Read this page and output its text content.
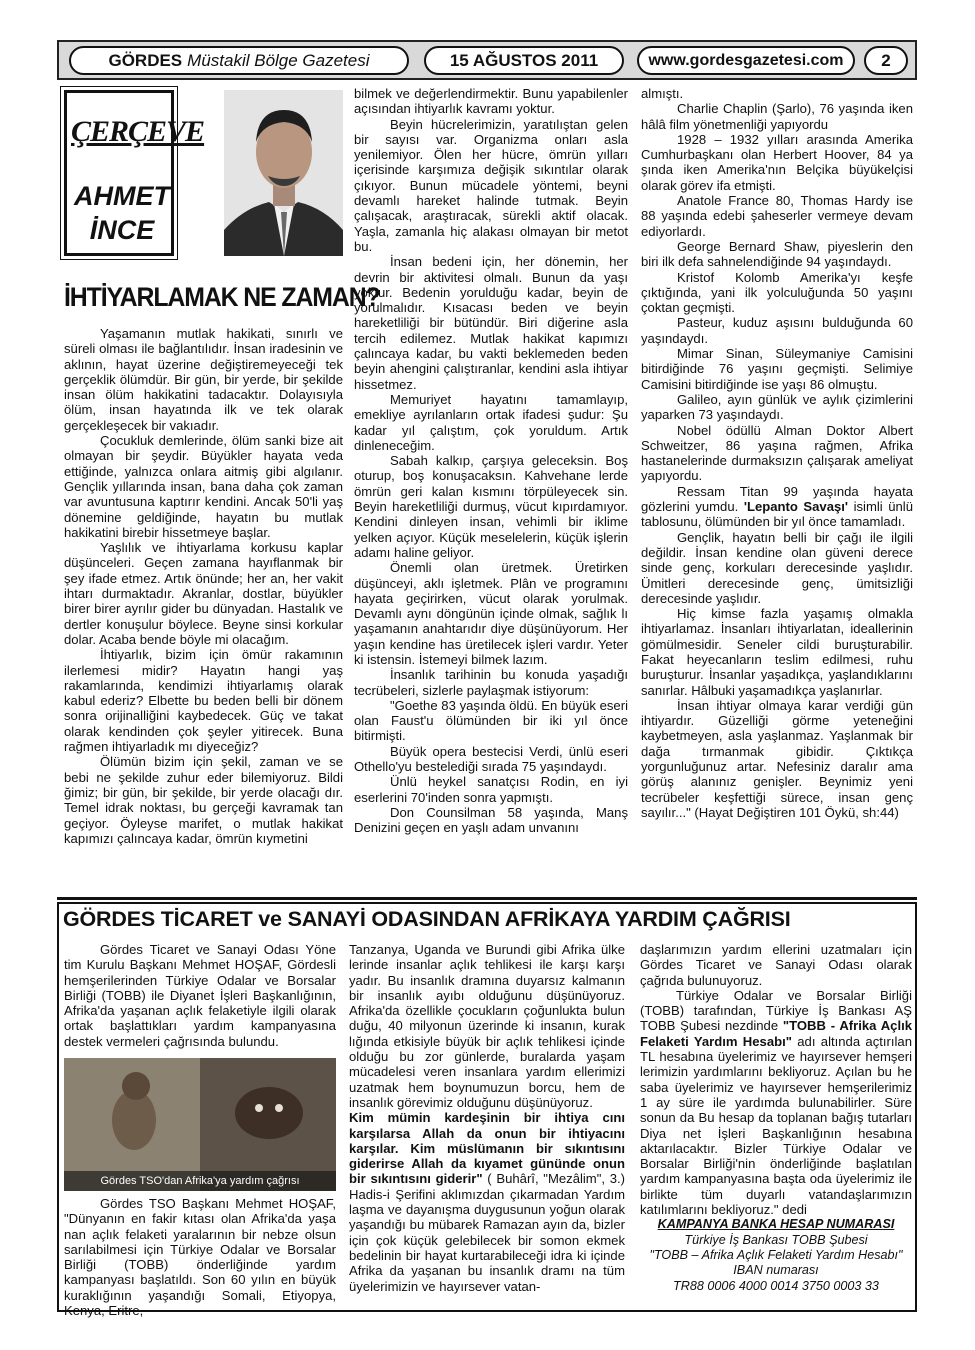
GÖRDES Müstakil Bölge Gazetesi	15 AĞUSTOS 2011	www.gordesgazetesi.com	2
ÇERÇEVE
AHMET
İNCE
İHTİYARLAMAK NE ZAMAN?

Yaşamanın mutlak hakikati, sınırlı ve süreli olması ile bağlantılıdır. İnsan iradesinin ve aklının, hayat üzerine değiştiremeyeceği tek gerçeklik ölümdür. Bir gün, bir yerde, bir şekilde insan ölüm hakikatini tadacaktır. Dolayısıyla ölüm, insan hayatında ilk ve tek olarak gerçekleşecek bir vakıadır.

Çocukluk demlerinde, ölüm sanki bize ait olmayan bir şeydir. Büyükler hayata veda ettiğinde, yalnızca onlara aitmiş gibi algılanır. Gençlik yıllarında insan, bana daha çok zaman var avuntusuna kaptırır kendini. Ancak 50'li yaş dönemine geldiğinde, hayatın bu mutlak hakikatini birebir hissetmeye başlar.

Yaşlılık ve ihtiyarlama korkusu kaplar düşünceleri. Geçen zamana hayıflanmak bir şey ifade etmez. Artık önünde; her an, her vakit ihtarı durmaktadır. Akranlar, dostlar, büyükler birer birer ayrılır gider bu dünyadan. Hastalık ve dertler konuşulur böylece. Beyne sinsi korkular dolar. Acaba bende böyle mi olacağım.

İhtiyarlık, bizim için ömür rakamının ilerlemesi midir? Hayatın hangi yaş rakamlarında, kendimizi ihtiyarlamış olarak kabul ederiz? Elbette bu beden belli bir dönem sonra orijinalliğini kaybedecek. Güç ve takat olarak kendinden çok şeyler yitirecek. Buna rağmen ihtiyarladık mı diyeceğiz?

Ölümün bizim için şekil, zaman ve se bebi ne şekilde zuhur eder bilemiyoruz. Bildi ğimiz; bir gün, bir şekilde, bir yerde olacağı dır. Temel idrak noktası, bu gerçeği kavramak tan geçiyor. Öyleyse marifet, o mutlak hakikat kapımızı çalıncaya kadar, ömrün kıymetini

bilmek ve değerlendirmektir. Bunu yapabilenler açısından ihtiyarlık kavramı yoktur.

Beyin hücrelerimizin, yaratılıştan gelen bir sayısı var. Organizma onları asla yenilemiyor. Ölen her hücre, ömrün yılları içerisinde karşımıza değişik sıkıntılar olarak çıkıyor. Bunun mücadele yöntemi, beyni devamlı hareket halinde tutmak. Beyin çalışacak, araştıracak, sürekli aktif olacak. Yaşla, zamanla hiç alakası olmayan bir metot bu.

İnsan bedeni için, her dönemin, her devrin bir aktivitesi olmalı. Bunun da yaşı yoktur. Bedenin yorulduğu kadar, beyin de yorulmalıdır. Kısacası beden ve beyin hareketliliği bir bütündür. Biri diğerine asla tercih edilemez. Mutlak hakikat kapımızı çalıncaya kadar, bu vakti beklemeden beden beyin ahengini çalıştıranlar, kendini asla ihtiyar hissetmez.

Memuriyet hayatını tamamlayıp, emekliye ayrılanların ortak ifadesi şudur: Şu kadar yıl çalıştım, çok yoruldum. Artık dinleneceğim.

Sabah kalkıp, çarşıya geleceksin. Boş oturup, boş konuşacaksın. Kahvehane lerde ömrün geri kalan kısmını törpüleyecek sin. Beyin hareketliliği durmuş, vücut kıpırdamıyor. Kendini dinleyen insan, vehimli bir iklime yelken açıyor. Küçük meselelerin, küçük işlerin adamı haline geliyor.

Önemli olan üretmek. Üretirken düşünceyi, aklı işletmek. Plân ve programını hayata geçirirken, vücut olarak yorulmak. Devamlı aynı döngünün içinde olmak, sağlık lı yaşamanın anahtarıdır diye düşünüyorum. Her yaşın kendine has üretilecek işleri vardır. Yeter ki istensin. İstemeyi bilmek lazım.

İnsanlık tarihinin bu konuda yaşadığı tecrübeleri, sizlerle paylaşmak istiyorum:

"Goethe 83 yaşında öldü. En büyük eseri olan Faust'u ölümünden bir iki yıl önce bitirmişti.

Büyük opera bestecisi Verdi, ünlü eseri Othello'yu bestelediği sırada 75 yaşındaydı.

Ünlü heykel sanatçısı Rodin, en iyi eserlerini 70'inden sonra yapmıştı.

Don Counsilman 58 yaşında, Manş Denizini geçen en yaşlı adam unvanını

almıştı.

Charlie Chaplin (Şarlo), 76 yaşında iken hâlâ film yönetmenliği yapıyordu

1928 – 1932 yılları arasında Amerika Cumhurbaşkanı olan Herbert Hoover, 84 ya şında iken Amerika'nın Belçika büyükelçisi olarak görev ifa etmişti.

Anatole France 80, Thomas Hardy ise 88 yaşında edebi şaheserler vermeye devam ediyorlardı.

George Bernard Shaw, piyeslerin den biri ilk defa sahnelendiğinde 94 yaşındaydı.

Kristof Kolomb Amerika'yı keşfe çıktığında, yani ilk yolculuğunda 50 yaşını çoktan geçmişti.

Pasteur, kuduz aşısını bulduğunda 60 yaşındaydı.

Mimar Sinan, Süleymaniye Camisini bitirdiğinde 76 yaşını geçmişti. Selimiye Camisini bitirdiğinde ise yaşı 86 olmuştu.

Galileo, ayın günlük ve aylık çizimlerini yaparken 73 yaşındaydı.

Nobel ödüllü Alman Doktor Albert Schweitzer, 86 yaşına rağmen, Afrika hastanelerinde durmaksızın çalışarak ameliyat yapıyordu.

Ressam Titan 99 yaşında hayata gözlerini yumdu. 'Lepanto Savaşı' isimli ünlü tablosunu, ölümünden bir yıl önce tamamladı.

Gençlik, hayatın belli bir çağı ile ilgili değildir. İnsan kendine olan güveni derece sinde genç, korkuları derecesinde yaşlıdır. Ümitleri derecesinde genç, ümitsizliği derecesinde yaşlıdır.

Hiç kimse fazla yaşamış olmakla ihtiyarlamaz. İnsanları ihtiyarlatan, ideallerinin gömülmesidir. Seneler cildi buruşturabilir. Fakat heyecanların teslim edilmesi, ruhu buruşturur. İnsanlar yaşadıkça, yaşlandıklarını sanırlar. Hâlbuki yaşamadıkça yaşlanırlar.

İnsan ihtiyar olmaya karar verdiği gün ihtiyardır. Güzelliği görme yeteneğini kaybetmeyen, asla yaşlanmaz. Yaşlanmak bir dağa tırmanmak gibidir. Çıktıkça yorgunluğunuz artar. Nefesiniz daralır ama görüş alanınız genişler. Beynimiz yeni tecrübeler keşfettiği sürece, insan genç sayılır..." (Hayat Değiştiren 101 Öykü, sh:44)

GÖRDES TİCARET ve SANAYİ ODASINDAN AFRİKAYA YARDIM ÇAĞRISI

Gördes Ticaret ve Sanayi Odası Yöne tim Kurulu Başkanı Mehmet HOŞAF, Gördesli hemşerilerinden Türkiye Odalar ve Borsalar Birliği (TOBB) ile Diyanet İşleri Başkanlığının, Afrika'da yaşanan açlık felaketiyle ilgili olarak ortak başlattıkları yardım kampanyasına destek vermeleri çağrısında bulundu.

Gördes TSO'dan Afrika'ya yardım çağrısı

Gördes TSO Başkanı Mehmet HOŞAF, "Dünyanın en fakir kıtası olan Afrika'da yaşa nan açlık felaketi yaralarının bir nebze olsun sarılabilmesi için Türkiye Odalar ve Borsalar Birliği (TOBB) önderliğinde yardım kampanyası başlatıldı. Son 60 yılın en büyük kuraklığının yaşandığı Somali, Etiyopya, Kenya, Eritre,

Tanzanya, Uganda ve Burundi gibi Afrika ülke lerinde insanlar açlık tehlikesi ile karşı karşı yadır. Bu insanlık dramına duyarsız kalmanın bir insanlık ayıbı olduğunu düşünüyoruz. Afrika'da özellikle çocukların çoğunlukta bulun duğu, 40 milyonun üzerinde ki insanın, kurak lığında etkisiyle büyük bir açlık tehlikesi içinde olduğu bu zor günlerde, buralarda yaşam mücadelesi veren insanlara yardım ellerimizi uzatmak hem boynumuzun borcu, hem de insanlık görevimiz olduğunu düşünüyoruz.

Kim mümin kardeşinin bir ihtiya cını karşılarsa Allah da onun bir ihtiyacını karşılar. Kim müslümanın bir sıkıntısını giderirse Allah da kıyamet gününde onun bir sıkıntısını giderir" ( Buhârî, "Mezâlim", 3.) Hadis-i Şerifini aklımızdan çıkarmadan Yardım laşma ve dayanışma duygusunun yoğun olarak yaşandığı bu mübarek Ramazan ayın da, bizler için çok küçük gelebilecek bir somon ekmek bedelinin bir hayat kurtarabileceği idra ki içinde Afrika da yaşanan bu insanlık dramı na tüm üyelerimizin ve hayırsever vatan-

daşlarımızın yardım ellerini uzatmaları için Gördes Ticaret ve Sanayi Odası olarak çağrıda bulunuyoruz.

Türkiye Odalar ve Borsalar Birliği (TOBB) tarafından, Türkiye İş Bankası AŞ TOBB Şubesi nezdinde "TOBB - Afrika Açlık Felaketi Yardım Hesabı" adı altında açtırılan TL hesabına üyelerimiz ve hayırsever hemşeri lerimizin yardımlarını bekliyoruz. Açılan bu he saba üyelerimiz ve hayırsever hemşerilerimiz 1 ay süre ile yardımda bulunabilirler. Süre sonun da Bu hesap da toplanan bağış tutarları Diya net İşleri Başkanlığının hesabına aktarılacaktır. Bizler Türkiye Odalar ve Borsalar Birliği'nin önderliğinde başlatılan yardım kampanyasına başta oda üyelerimiz ile birlikte tüm duyarlı vatandaşlarımızın katılımlarını bekliyoruz." dedi

KAMPANYA BANKA HESAP NUMARASI
Türkiye İş Bankası TOBB Şubesi
"TOBB – Afrika Açlık Felaketi Yardım Hesabı"
IBAN numarası
TR88 0006 4000 0014 3750 0003 33
